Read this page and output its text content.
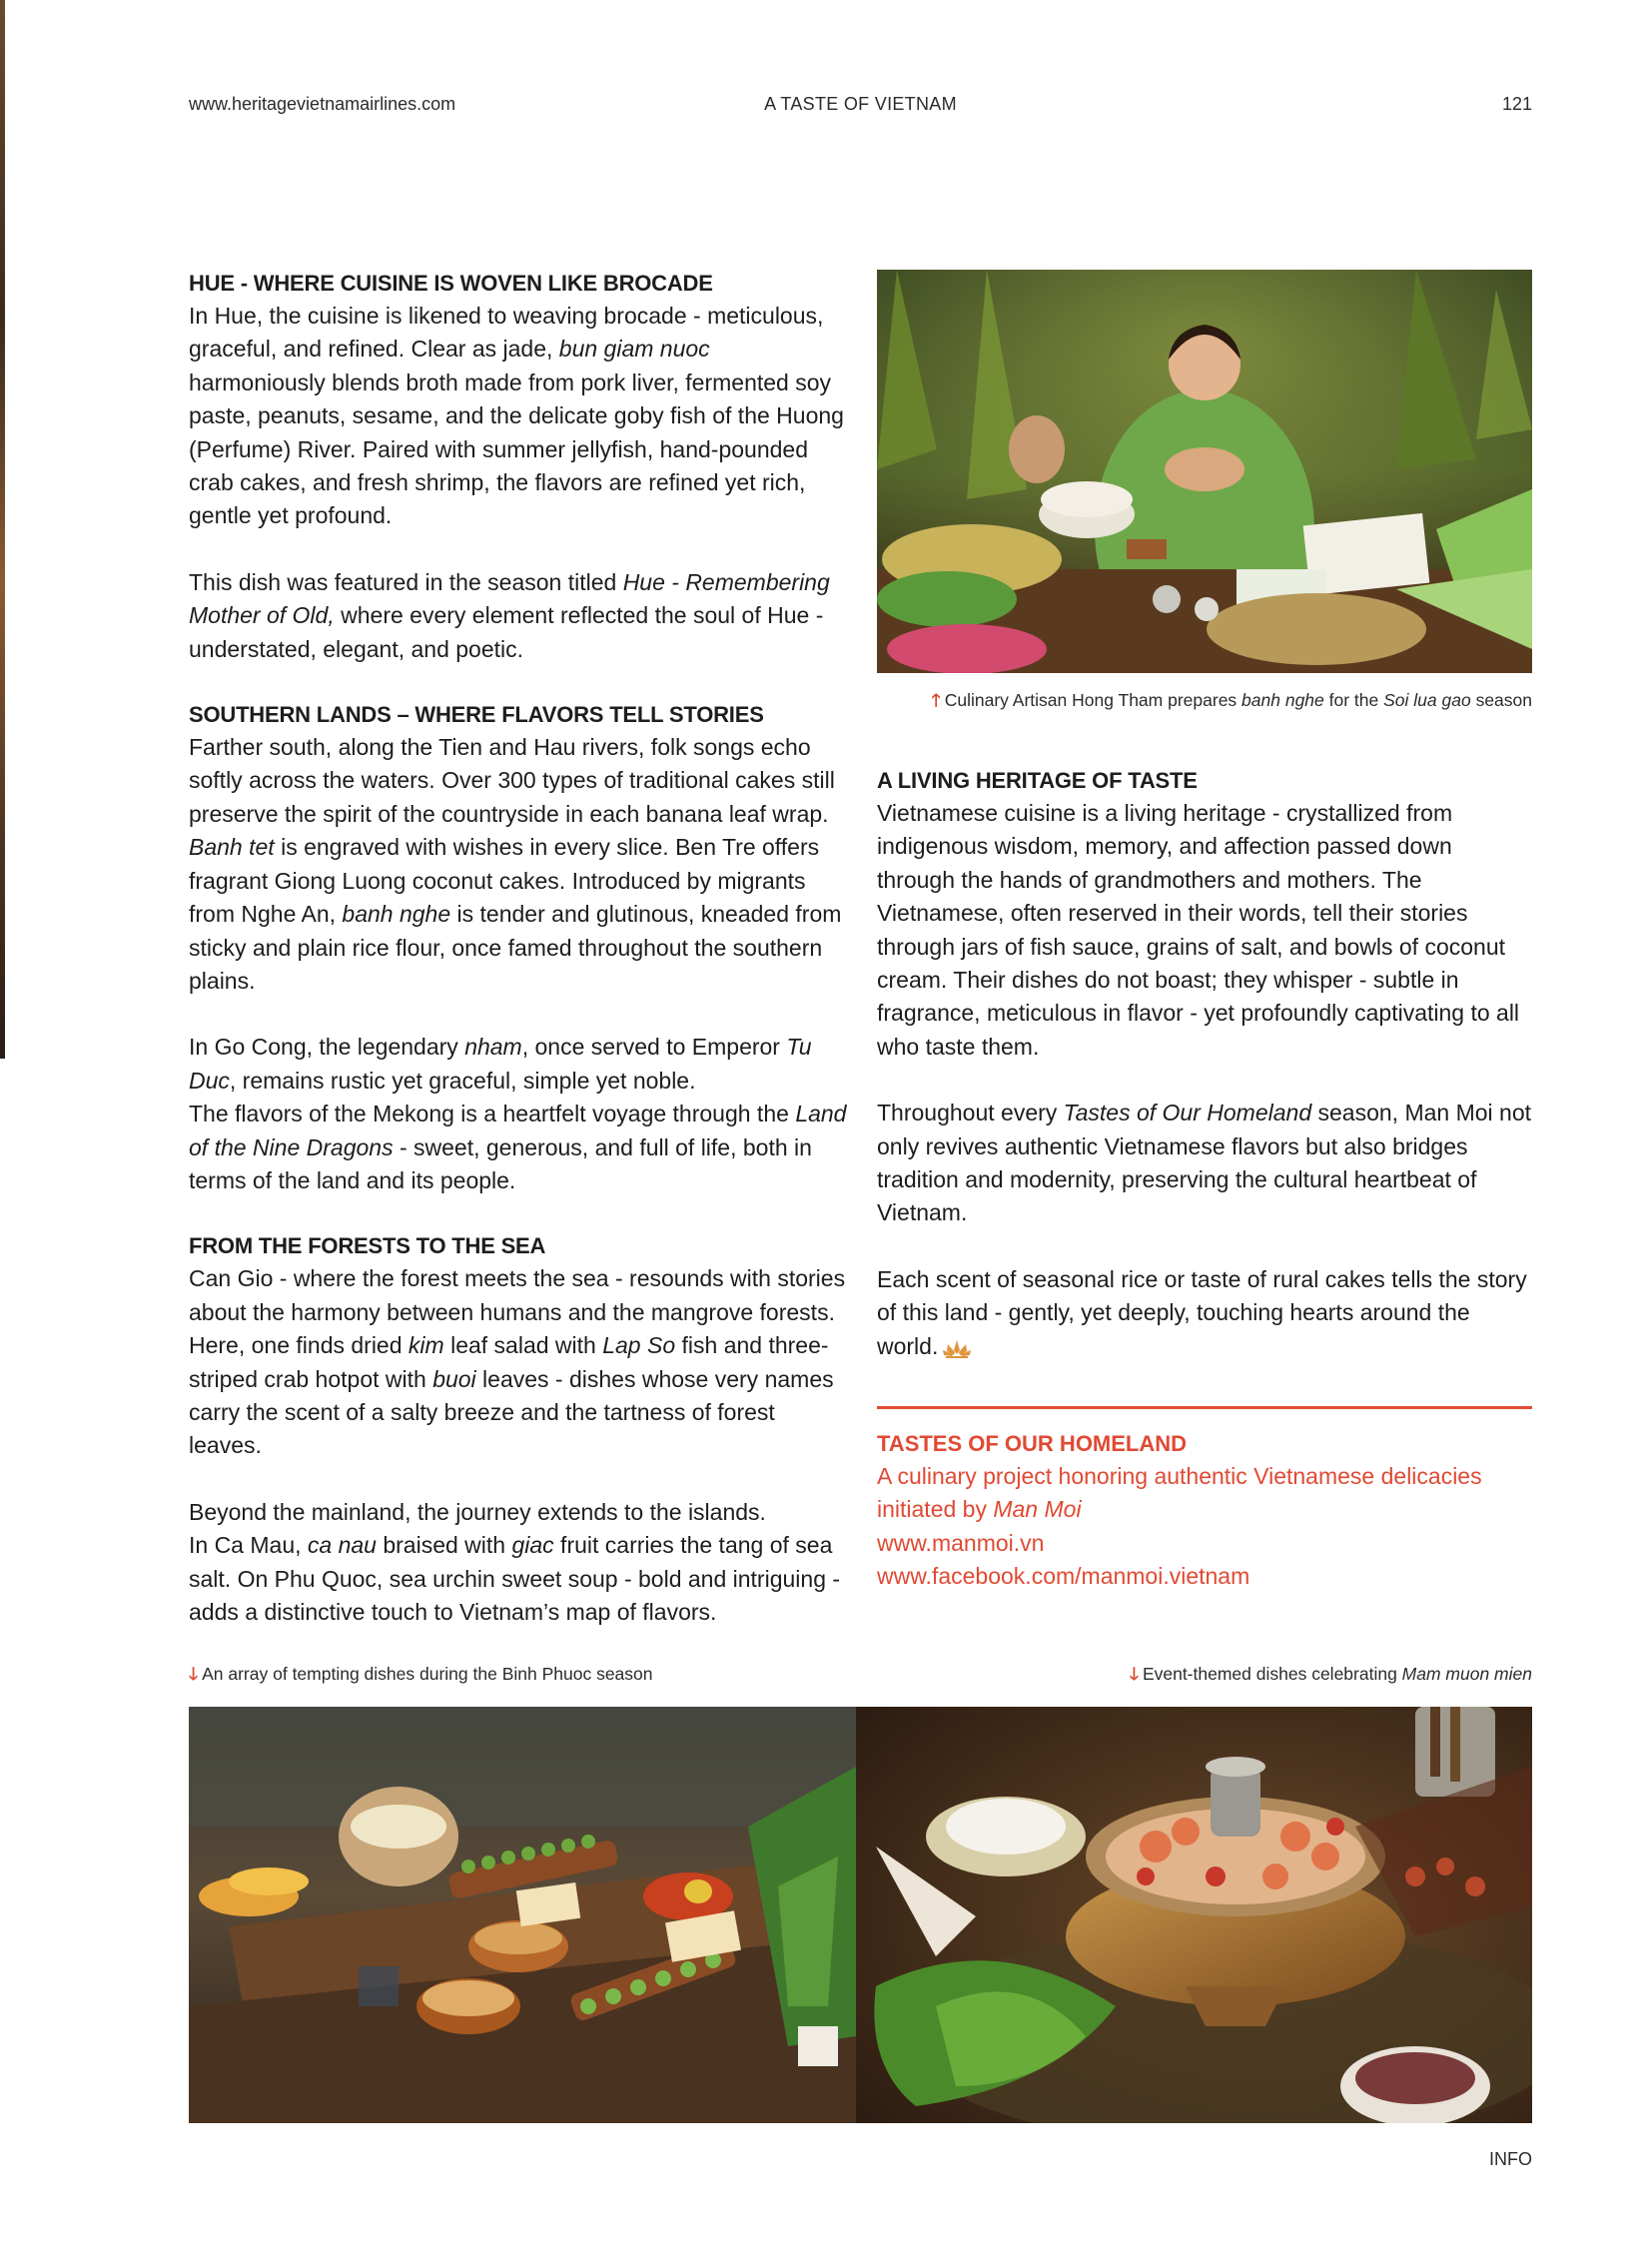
www.heritagevietnamairlines.com	A TASTE OF VIETNAM	121
HUE - WHERE CUISINE IS WOVEN LIKE BROCADE

In Hue, the cuisine is likened to weaving brocade - meticulous, graceful, and refined. Clear as jade, bun giam nuoc harmoniously blends broth made from pork liver, fermented soy paste, peanuts, sesame, and the delicate goby fish of the Huong (Perfume) River. Paired with summer jellyfish, hand-pounded crab cakes, and fresh shrimp, the flavors are refined yet rich, gentle yet profound.

This dish was featured in the season titled Hue - Remembering Mother of Old, where every element reflected the soul of Hue - understated, elegant, and poetic.

SOUTHERN LANDS – WHERE FLAVORS TELL STORIES

Farther south, along the Tien and Hau rivers, folk songs echo softly across the waters. Over 300 types of traditional cakes still preserve the spirit of the countryside in each banana leaf wrap. Banh tet is engraved with wishes in every slice. Ben Tre offers fragrant Giong Luong coconut cakes. Introduced by migrants from Nghe An, banh nghe is tender and glutinous, kneaded from sticky and plain rice flour, once famed throughout the southern plains.

In Go Cong, the legendary nham, once served to Emperor Tu Duc, remains rustic yet graceful, simple yet noble.

The flavors of the Mekong is a heartfelt voyage through the Land of the Nine Dragons - sweet, generous, and full of life, both in terms of the land and its people.

FROM THE FORESTS TO THE SEA

Can Gio - where the forest meets the sea - resounds with stories about the harmony between humans and the mangrove forests. Here, one finds dried kim leaf salad with Lap So fish and three-striped crab hotpot with buoi leaves - dishes whose very names carry the scent of a salty breeze and the tartness of forest leaves.

Beyond the mainland, the journey extends to the islands.

In Ca Mau, ca nau braised with giac fruit carries the tang of sea salt. On Phu Quoc, sea urchin sweet soup - bold and intriguing - adds a distinctive touch to Vietnam’s map of flavors.

🡑 Culinary Artisan Hong Tham prepares banh nghe for the Soi lua gao season
A LIVING HERITAGE OF TASTE

Vietnamese cuisine is a living heritage - crystallized from indigenous wisdom, memory, and affection passed down through the hands of grandmothers and mothers. The Vietnamese, often reserved in their words, tell their stories through jars of fish sauce, grains of salt, and bowls of coconut cream. Their dishes do not boast; they whisper - subtle in fragrance, meticulous in flavor - yet profoundly captivating to all who taste them.

Throughout every Tastes of Our Homeland season, Man Moi not only revives authentic Vietnamese flavors but also bridges tradition and modernity, preserving the cultural heartbeat of Vietnam.

Each scent of seasonal rice or taste of rural cakes tells the story of this land - gently, yet deeply, touching hearts around the world.

TASTES OF OUR HOMELAND

A culinary project honoring authentic Vietnamese delicacies initiated by Man Moi

www.manmoi.vn

www.facebook.com/manmoi.vietnam

🡓 An array of tempting dishes during the Binh Phuoc season	🡓 Event-themed dishes celebrating Mam muon mien
INFO
